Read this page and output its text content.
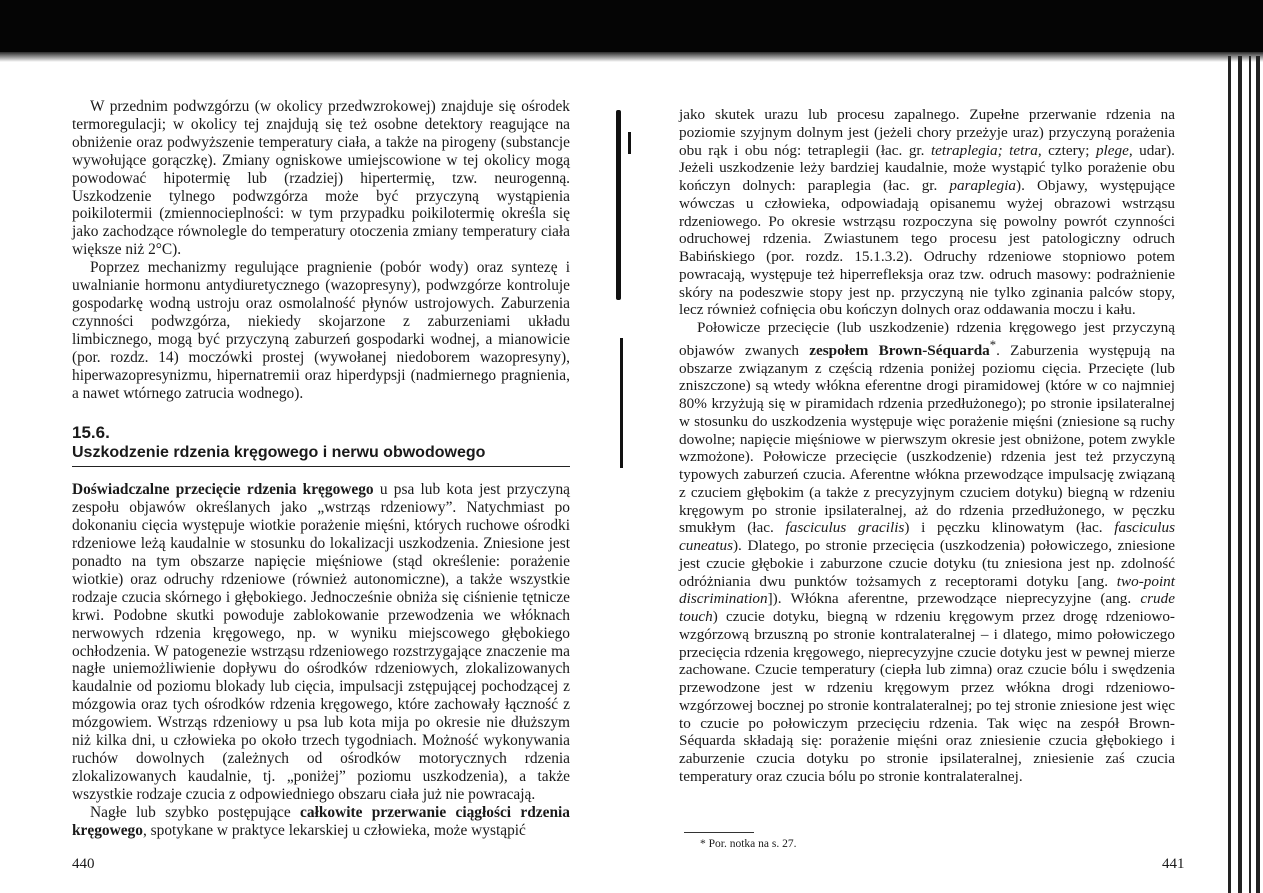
W przednim podwzgórzu (w okolicy przedwzrokowej) znajduje się ośrodek termoregulacji; w okolicy tej znajdują się też osobne detektory reagujące na obniżenie oraz podwyższenie temperatury ciała, a także na pirogeny (substancje wywołujące gorączkę). Zmiany ogniskowe umiejscowione w tej okolicy mogą powodować hipotermię lub (rzadziej) hipertermię, tzw. neurogenną. Uszkodzenie tylnego podwzgórza może być przyczyną wystąpienia poikilotermii (zmiennocieplności: w tym przypadku poikilotermię określa się jako zachodzące równolegle do temperatury otoczenia zmiany temperatury ciała większe niż 2°C).

Poprzez mechanizmy regulujące pragnienie (pobór wody) oraz syntezę i uwalnianie hormonu antydiuretycznego (wazopresyny), podwzgórze kontroluje gospodarkę wodną ustroju oraz osmolalność płynów ustrojowych. Zaburzenia czynności podwzgórza, niekiedy skojarzone z zaburzeniami układu limbicznego, mogą być przyczyną zaburzeń gospodarki wodnej, a mianowicie (por. rozdz. 14) moczówki prostej (wywołanej niedoborem wazopresyny), hiperwazopresynizmu, hipernatremii oraz hiperdypsji (nadmiernego pragnienia, a nawet wtórnego zatrucia wodnego).

15.6.
Uszkodzenie rdzenia kręgowego i nerwu obwodowego

Doświadczalne przecięcie rdzenia kręgowego u psa lub kota jest przyczyną zespołu objawów określanych jako „wstrząs rdzeniowy”. Natychmiast po dokonaniu cięcia występuje wiotkie porażenie mięśni, których ruchowe ośrodki rdzeniowe leżą kaudalnie w stosunku do lokalizacji uszkodzenia. Zniesione jest ponadto na tym obszarze napięcie mięśniowe (stąd określenie: porażenie wiotkie) oraz odruchy rdzeniowe (również autonomiczne), a także wszystkie rodzaje czucia skórnego i głębokiego. Jednocześnie obniża się ciśnienie tętnicze krwi. Podobne skutki powoduje zablokowanie przewodzenia we włóknach nerwowych rdzenia kręgowego, np. w wyniku miejscowego głębokiego ochłodzenia. W patogenezie wstrząsu rdzeniowego rozstrzygające znaczenie ma nagłe uniemożliwienie dopływu do ośrodków rdzeniowych, zlokalizowanych kaudalnie od poziomu blokady lub cięcia, impulsacji zstępującej pochodzącej z mózgowia oraz tych ośrodków rdzenia kręgowego, które zachowały łączność z mózgowiem. Wstrząs rdzeniowy u psa lub kota mija po okresie nie dłuższym niż kilka dni, u człowieka po około trzech tygodniach. Możność wykonywania ruchów dowolnych (zależnych od ośrodków motorycznych rdzenia zlokalizowanych kaudalnie, tj. „poniżej” poziomu uszkodzenia), a także wszystkie rodzaje czucia z odpowiedniego obszaru ciała już nie powracają.

Nagłe lub szybko postępujące całkowite przerwanie ciągłości rdzenia kręgowego, spotykane w praktyce lekarskiej u człowieka, może wystąpić

440

jako skutek urazu lub procesu zapalnego. Zupełne przerwanie rdzenia na poziomie szyjnym dolnym jest (jeżeli chory przeżyje uraz) przyczyną porażenia obu rąk i obu nóg: tetraplegii (łac. gr. tetraplegia; tetra, cztery; plege, udar). Jeżeli uszkodzenie leży bardziej kaudalnie, może wystąpić tylko porażenie obu kończyn dolnych: paraplegia (łac. gr. paraplegia). Objawy, występujące wówczas u człowieka, odpowiadają opisanemu wyżej obrazowi wstrząsu rdzeniowego. Po okresie wstrząsu rozpoczyna się powolny powrót czynności odruchowej rdzenia. Zwiastunem tego procesu jest patologiczny odruch Babińskiego (por. rozdz. 15.1.3.2). Odruchy rdzeniowe stopniowo potem powracają, występuje też hiperrefleksja oraz tzw. odruch masowy: podrażnienie skóry na podeszwie stopy jest np. przyczyną nie tylko zginania palców stopy, lecz również cofnięcia obu kończyn dolnych oraz oddawania moczu i kału.

Połowicze przecięcie (lub uszkodzenie) rdzenia kręgowego jest przyczyną objawów zwanych zespołem Brown-Séquarda*. Zaburzenia występują na obszarze związanym z częścią rdzenia poniżej poziomu cięcia. Przecięte (lub zniszczone) są wtedy włókna eferentne drogi piramidowej (które w co najmniej 80% krzyżują się w piramidach rdzenia przedłużonego); po stronie ipsilateralnej w stosunku do uszkodzenia występuje więc porażenie mięśni (zniesione są ruchy dowolne; napięcie mięśniowe w pierwszym okresie jest obniżone, potem zwykle wzmożone). Połowicze przecięcie (uszkodzenie) rdzenia jest też przyczyną typowych zaburzeń czucia. Aferentne włókna przewodzące impulsację związaną z czuciem głębokim (a także z precyzyjnym czuciem dotyku) biegną w rdzeniu kręgowym po stronie ipsilateralnej, aż do rdzenia przedłużonego, w pęczku smukłym (łac. fasciculus gracilis) i pęczku klinowatym (łac. fasciculus cuneatus). Dlatego, po stronie przecięcia (uszkodzenia) połowiczego, zniesione jest czucie głębokie i zaburzone czucie dotyku (tu zniesiona jest np. zdolność odróżniania dwu punktów tożsamych z receptorami dotyku [ang. two-point discrimination]). Włókna aferentne, przewodzące nieprecyzyjne (ang. crude touch) czucie dotyku, biegną w rdzeniu kręgowym przez drogę rdzeniowo-wzgórzową brzuszną po stronie kontralateralnej – i dlatego, mimo połowiczego przecięcia rdzenia kręgowego, nieprecyzyjne czucie dotyku jest w pewnej mierze zachowane. Czucie temperatury (ciepła lub zimna) oraz czucie bólu i swędzenia przewodzone jest w rdzeniu kręgowym przez włókna drogi rdzeniowo-wzgórzowej bocznej po stronie kontralateralnej; po tej stronie zniesione jest więc to czucie po połowiczym przecięciu rdzenia. Tak więc na zespół Brown-Séquarda składają się: porażenie mięśni oraz zniesienie czucia głębokiego i zaburzenie czucia dotyku po stronie ipsilateralnej, zniesienie zaś czucia temperatury oraz czucia bólu po stronie kontralateralnej.

* Por. notka na s. 27.
441
